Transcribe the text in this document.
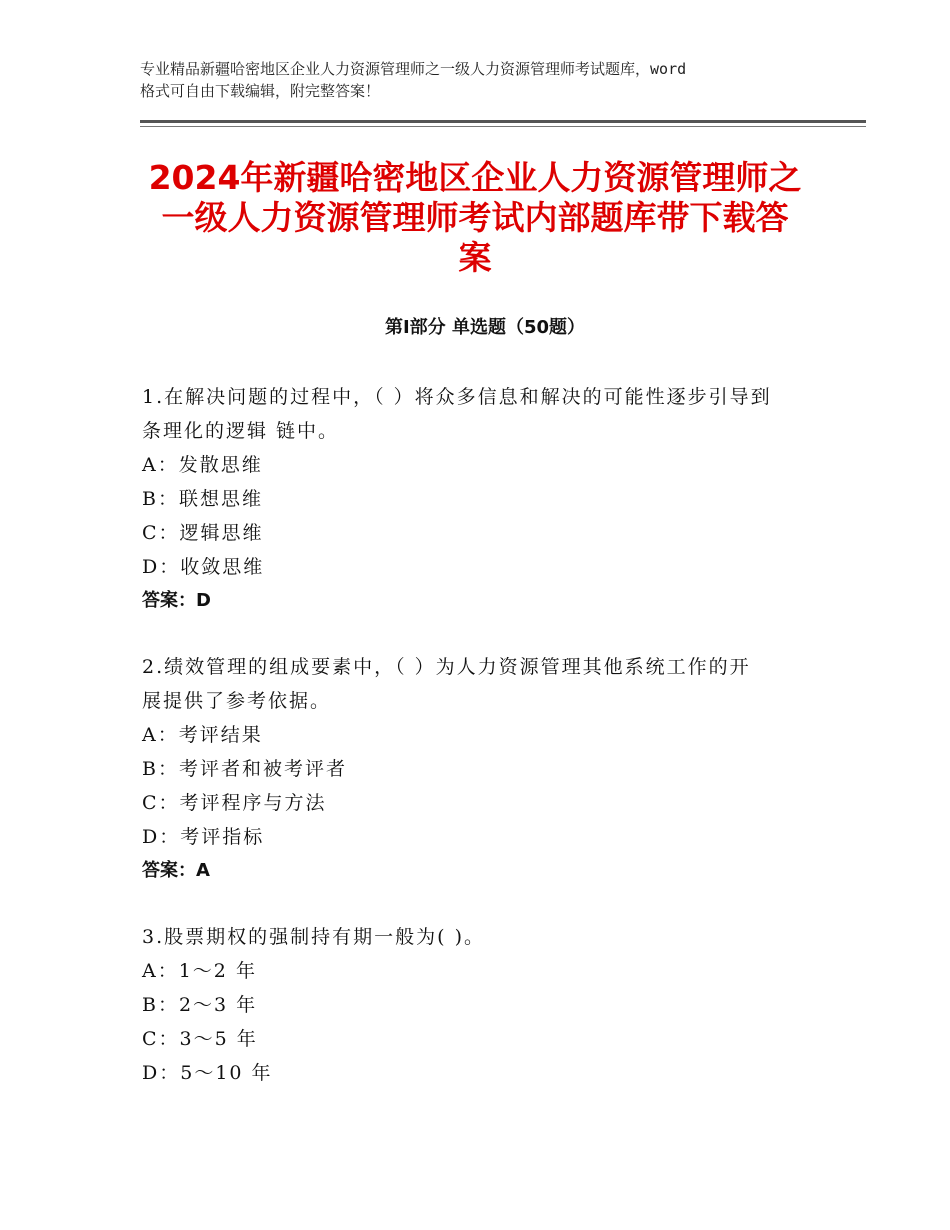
专业精品新疆哈密地区企业人力资源管理师之一级人力资源管理师考试题库，word
格式可自由下载编辑，附完整答案！
2024年新疆哈密地区企业人力资源管理师之
一级人力资源管理师考试内部题库带下载答
案
第Ⅰ部分 单选题（50题）

1.在解决问题的过程中，（ ）将众多信息和解决的可能性逐步引导到

条理化的逻辑 链中。

A：发散思维

B：联想思维

C：逻辑思维

D：收敛思维

答案：D

2.绩效管理的组成要素中，（ ）为人力资源管理其他系统工作的开

展提供了参考依据。

A：考评结果

B：考评者和被考评者

C：考评程序与方法

D：考评指标

答案：A

3.股票期权的强制持有期一般为( )。

A：1～2 年

B：2～3 年

C：3～5 年

D：5～10 年
